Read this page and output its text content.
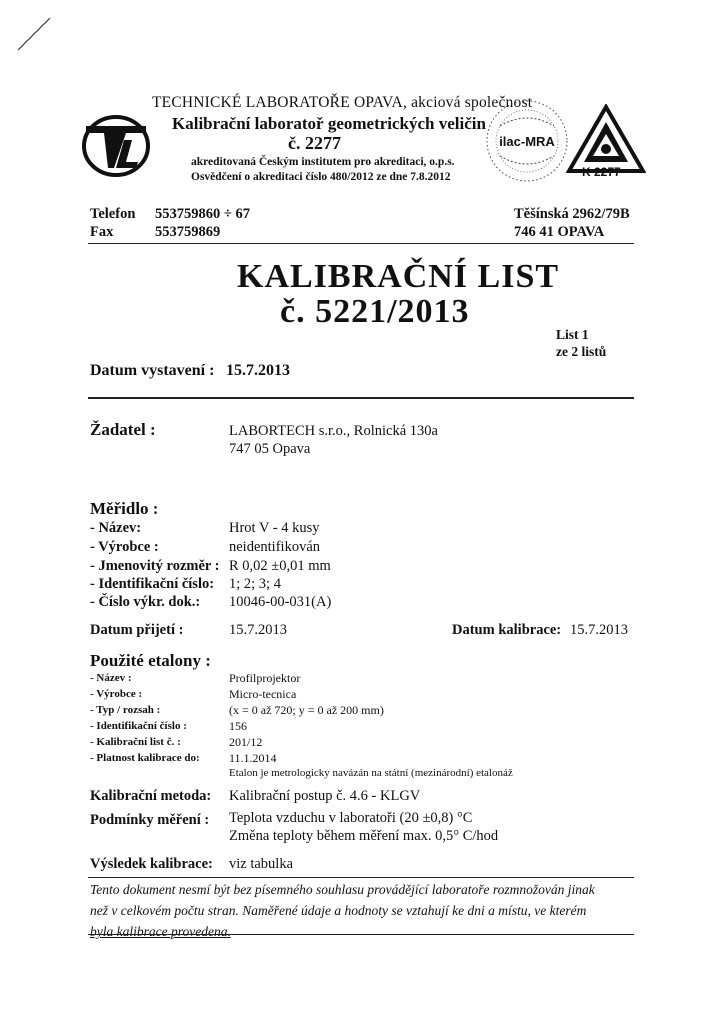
TECHNICKÉ LABORATOŘE OPAVA, akciová společnost
Kalibrační laboratoř geometrických veličin
č. 2277
akreditovaná Českým institutem pro akreditaci, o.p.s.
Osvědčení o akreditaci číslo 480/2012 ze dne 7.8.2012
ilac-MRA
K 2277
Telefon 553759860 ÷ 67
Fax	553759869
Těšínská 2962/79B
746 41 OPAVA
KALIBRAČNÍ LIST
č. 5221/2013
List 1
ze 2 listů
Datum vystavení : 15.7.2013
Žadatel :	LABORTECH s.r.o., Rolnická 130a
747 05 Opava
Měřidlo :
- Název:	Hrot V - 4 kusy
- Výrobce :	neidentifikován
- Jmenovitý rozměr : R 0,02 ±0,01 mm
- Identifikační číslo: 1; 2; 3; 4
- Číslo výkr. dok.: 10046-00-031(A)
Datum přijetí :	15.7.2013	Datum kalibrace: 15.7.2013
Použité etalony :
- Název :	Profilprojektor
- Výrobce :	Micro-tecnica
- Typ / rozsah :	(x = 0 až 720; y = 0 až 200 mm)
- Identifikační číslo :	156
- Kalibrační list č. :	201/12
- Platnost kalibrace do: 11.1.2014
Etalon je metrologicky navázán na státní (mezinárodní) etalonáž
Kalibrační metoda: Kalibrační postup č. 4.6 - KLGV
Podmínky měření : Teplota vzduchu v laboratoři (20 ±0,8) °C
Změna teploty během měření max. 0,5° C/hod
Výsledek kalibrace: viz tabulka
Tento dokument nesmí být bez písemného souhlasu provádějící laboratoře rozmnožován jinak
než v celkovém počtu stran. Naměřené údaje a hodnoty se vztahují ke dni a místu, ve kterém
byla kalibrace provedena.
